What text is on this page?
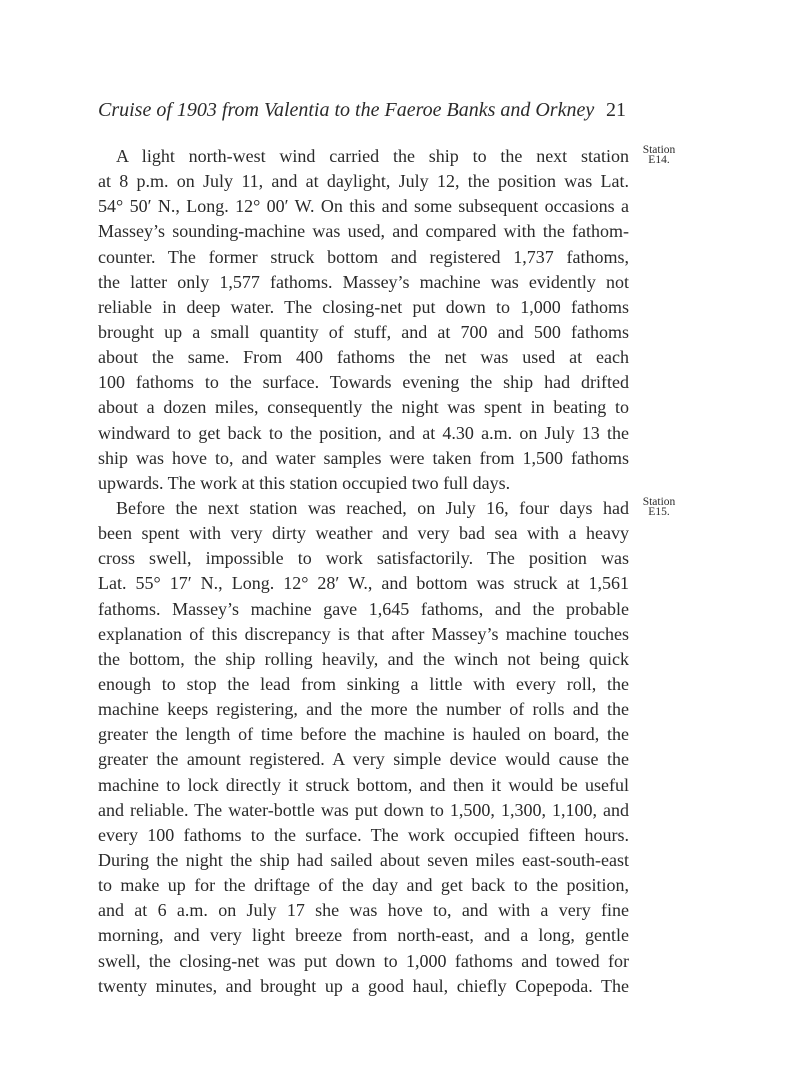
Cruise of 1903 from Valentia to the Faeroe Banks and Orkney 21
Station
E14.
Station
E15.
A light north-west wind carried the ship to the next station
at 8 p.m. on July 11, and at daylight, July 12, the position was Lat.
54° 50′ N., Long. 12° 00′ W. On this and some subsequent occasions a
Massey’s sounding-machine was used, and compared with the fathom-
counter. The former struck bottom and registered 1,737 fathoms,
the latter only 1,577 fathoms. Massey’s machine was evidently not
reliable in deep water. The closing-net put down to 1,000 fathoms
brought up a small quantity of stuff, and at 700 and 500 fathoms
about the same. From 400 fathoms the net was used at each
100 fathoms to the surface. Towards evening the ship had drifted
about a dozen miles, consequently the night was spent in beating to
windward to get back to the position, and at 4.30 a.m. on July 13 the
ship was hove to, and water samples were taken from 1,500 fathoms
upwards. The work at this station occupied two full days.
Before the next station was reached, on July 16, four days had
been spent with very dirty weather and very bad sea with a heavy
cross swell, impossible to work satisfactorily. The position was
Lat. 55° 17′ N., Long. 12° 28′ W., and bottom was struck at 1,561
fathoms. Massey’s machine gave 1,645 fathoms, and the probable
explanation of this discrepancy is that after Massey’s machine touches
the bottom, the ship rolling heavily, and the winch not being quick
enough to stop the lead from sinking a little with every roll, the
machine keeps registering, and the more the number of rolls and the
greater the length of time before the machine is hauled on board, the
greater the amount registered. A very simple device would cause the
machine to lock directly it struck bottom, and then it would be useful
and reliable. The water-bottle was put down to 1,500, 1,300, 1,100, and
every 100 fathoms to the surface. The work occupied fifteen hours.
During the night the ship had sailed about seven miles east-south-east
to make up for the driftage of the day and get back to the position,
and at 6 a.m. on July 17 she was hove to, and with a very fine
morning, and very light breeze from north-east, and a long, gentle
swell, the closing-net was put down to 1,000 fathoms and towed for
twenty minutes, and brought up a good haul, chiefly Copepoda. The
